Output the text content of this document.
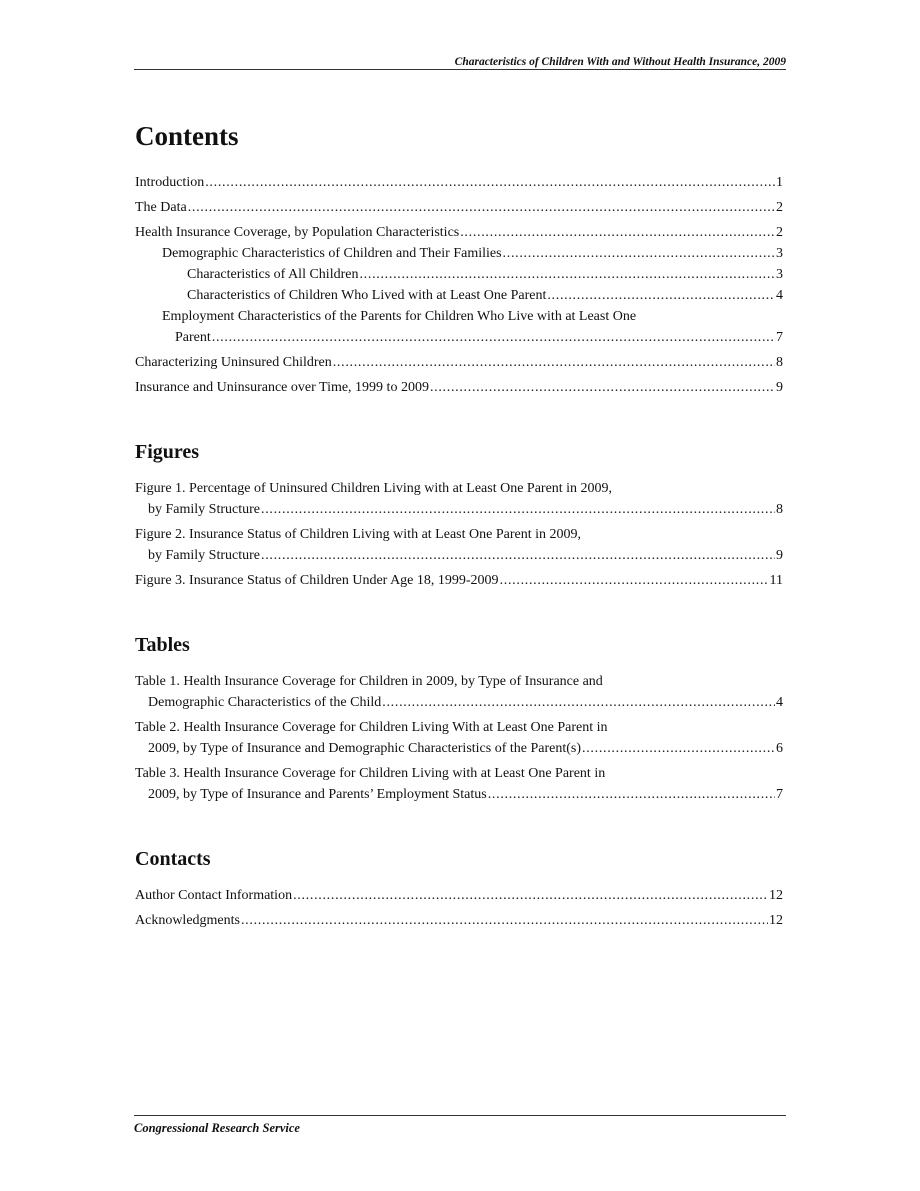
Characteristics of Children With and Without Health Insurance, 2009
Contents
Introduction . . .	1
The Data . . .	2
Health Insurance Coverage, by Population Characteristics . . .	2
Demographic Characteristics of Children and Their Families . . .	3
Characteristics of All Children . . .	3
Characteristics of Children Who Lived with at Least One Parent . . .	4
Employment Characteristics of the Parents for Children Who Live with at Least One
Parent . . .	7
Characterizing Uninsured Children . . .	8
Insurance and Uninsurance over Time, 1999 to 2009 . . .	9
Figures
Figure 1. Percentage of Uninsured Children Living with at Least One Parent in 2009,
by Family Structure . . .	8
Figure 2. Insurance Status of Children Living with at Least One Parent in 2009,
by Family Structure . . .	9
Figure 3. Insurance Status of Children Under Age 18, 1999-2009 . . .	11
Tables
Table 1. Health Insurance Coverage for Children in 2009, by Type of Insurance and
Demographic Characteristics of the Child . . .	4
Table 2. Health Insurance Coverage for Children Living With at Least One Parent in
2009, by Type of Insurance and Demographic Characteristics of the Parent(s) . . .	6
Table 3. Health Insurance Coverage for Children Living with at Least One Parent in
2009, by Type of Insurance and Parents’ Employment Status . . .	7
Contacts
Author Contact Information . . .	12
Acknowledgments . . .	12
Congressional Research Service
